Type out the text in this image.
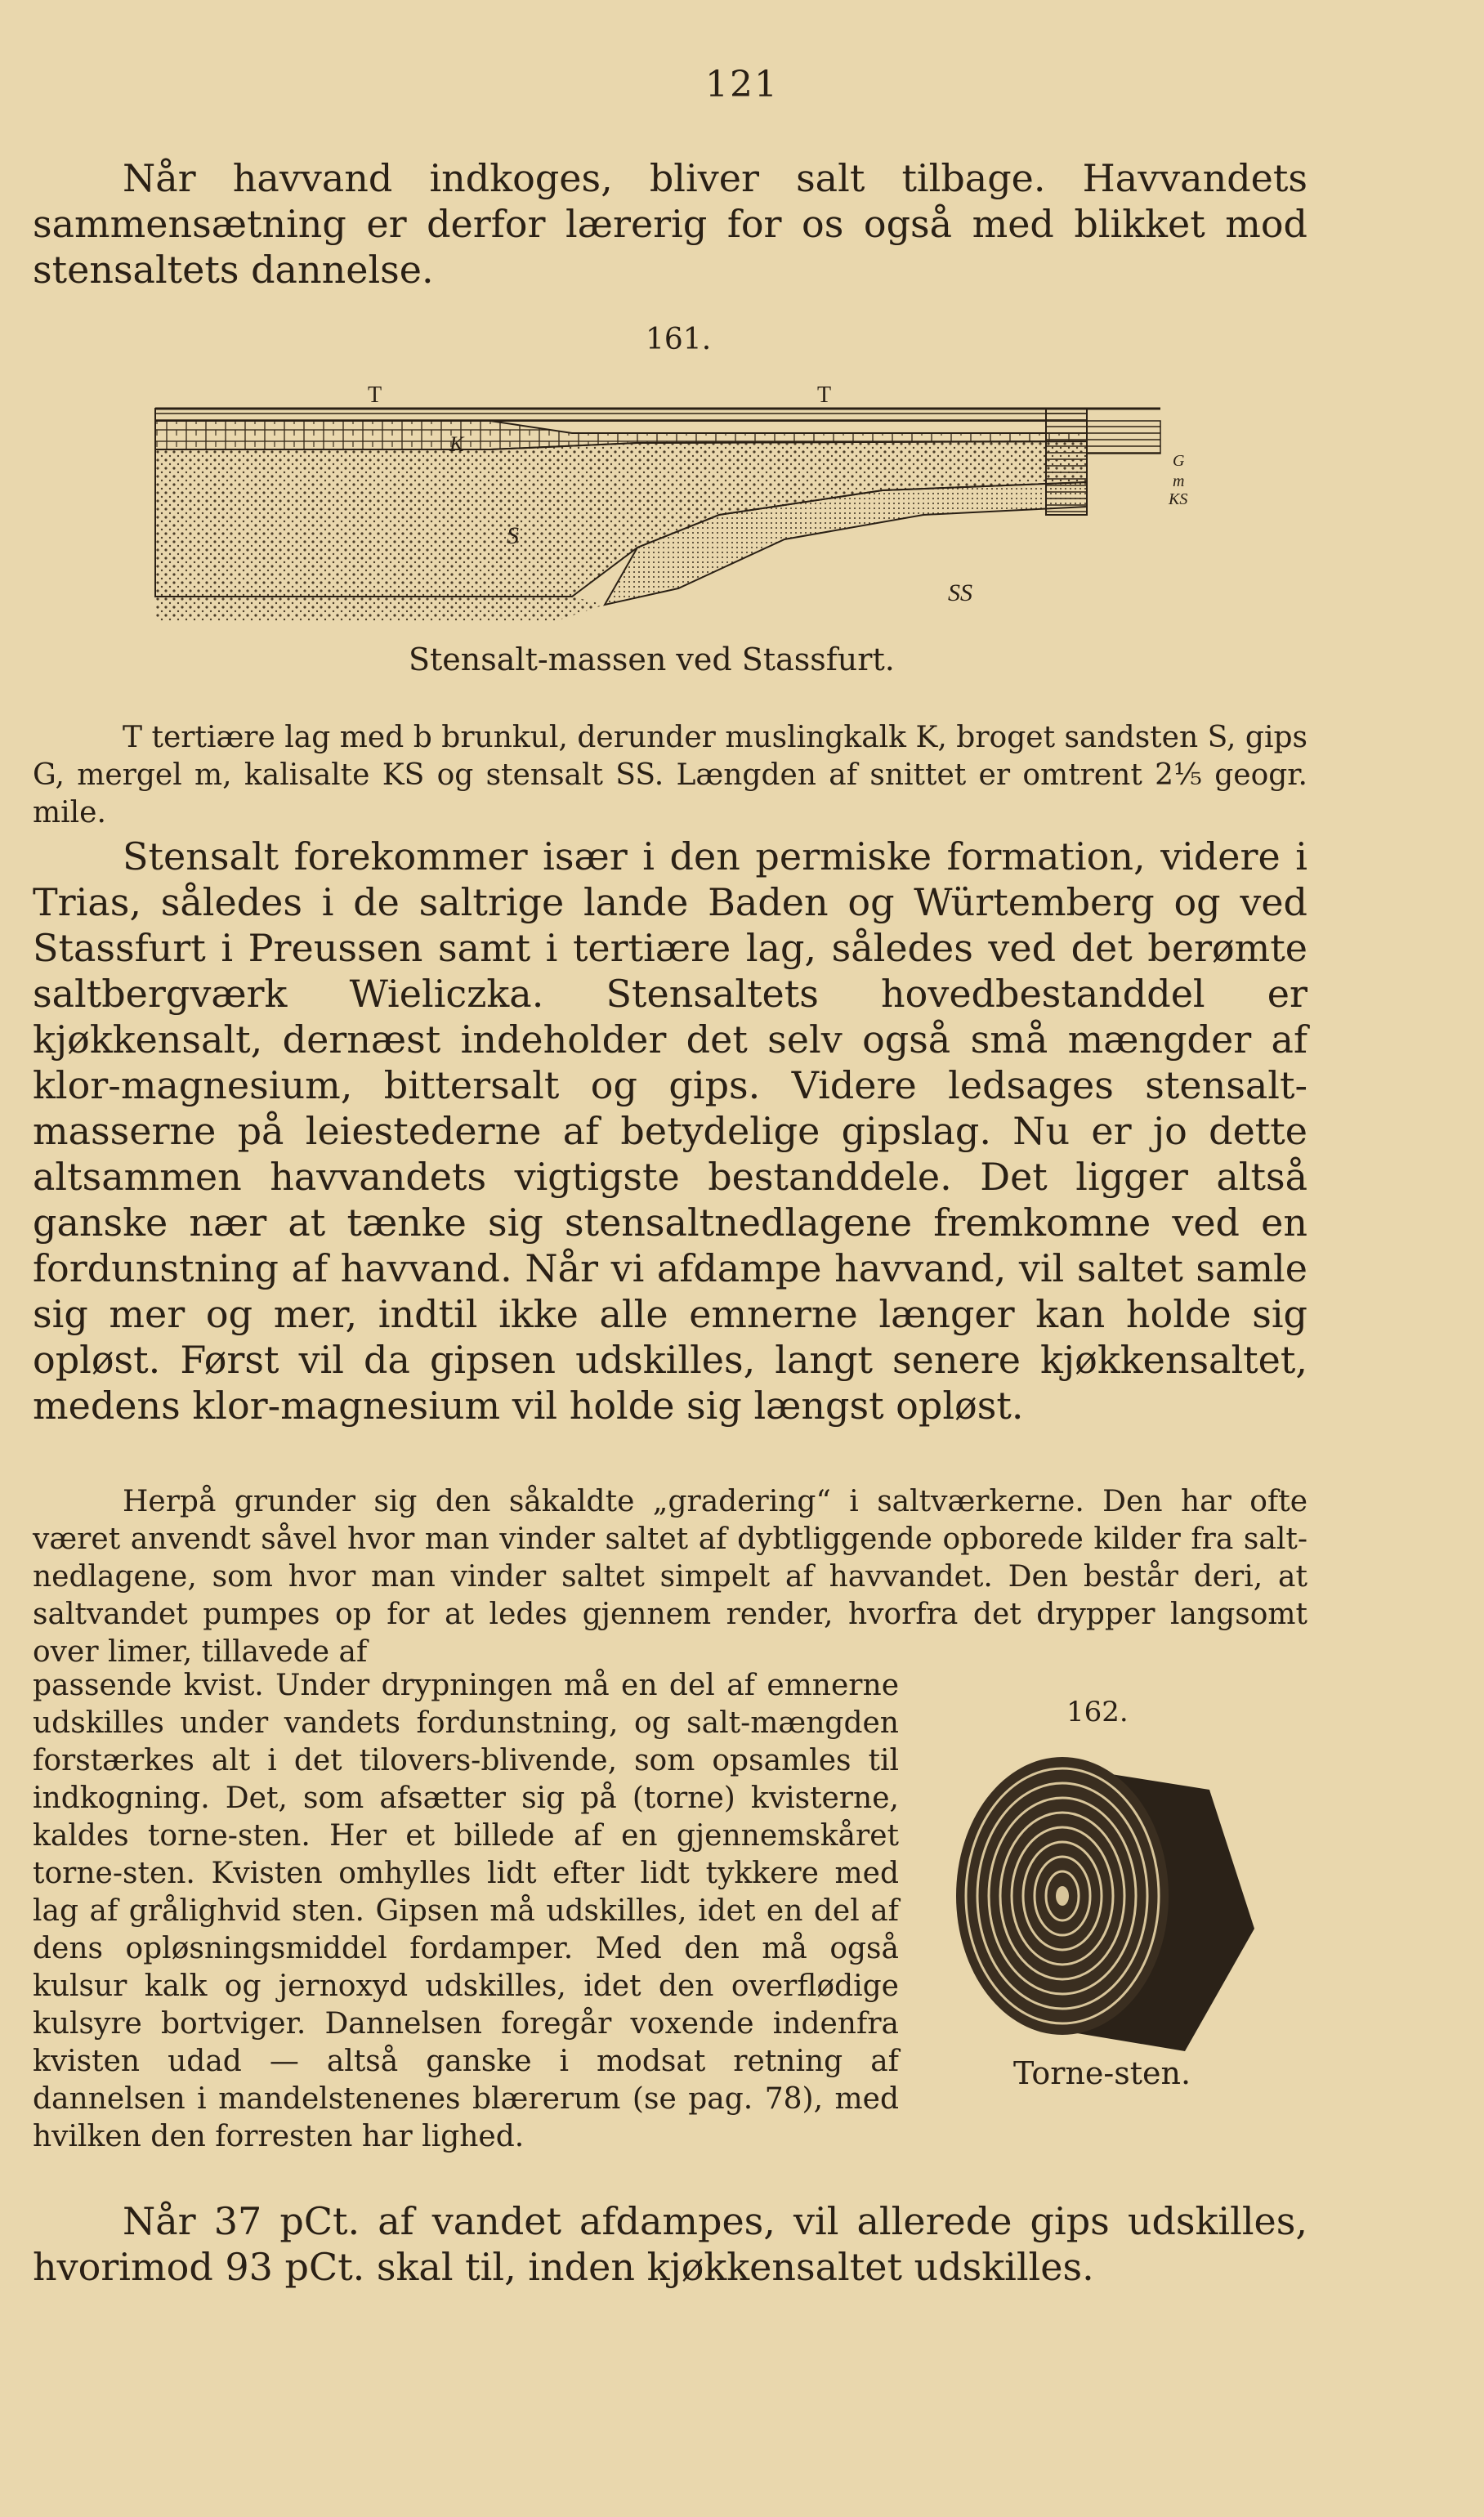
121

Når havvand indkoges, bliver salt tilbage. Havvandets sammensætning er derfor lærerig for os også med blikket mod stensaltets dannelse.

161.
T	T
K
S
SS
G
m
KS
Stensalt-massen ved Stassfurt.

T tertiære lag med b brunkul, derunder muslingkalk K, broget sandsten S, gips G, mergel m, kalisalte KS og stensalt SS. Længden af snittet er omtrent 2⅕ geogr. mile.

Stensalt forekommer især i den permiske formation, videre i Trias, således i de saltrige lande Baden og Würtemberg og ved Stassfurt i Preussen samt i tertiære lag, således ved det berømte saltbergværk Wieliczka. Stensaltets hovedbestanddel er kjøkkensalt, dernæst indeholder det selv også små mængder af klor-magnesium, bittersalt og gips. Videre ledsages stensalt-masserne på leiestederne af betydelige gipslag. Nu er jo dette altsammen havvandets vigtigste bestanddele. Det ligger altså ganske nær at tænke sig stensaltnedlagene fremkomne ved en fordunstning af havvand. Når vi afdampe havvand, vil saltet samle sig mer og mer, indtil ikke alle emnerne længer kan holde sig opløst. Først vil da gipsen udskilles, langt senere kjøkkensaltet, medens klor-magnesium vil holde sig længst opløst.

Herpå grunder sig den såkaldte „gradering“ i saltværkerne. Den har ofte været anvendt såvel hvor man vinder saltet af dybtliggende opborede kilder fra salt-nedlagene, som hvor man vinder saltet simpelt af havvandet. Den består deri, at saltvandet pumpes op for at ledes gjennem render, hvorfra det drypper langsomt over limer, tillavede af

passende kvist. Under drypningen må en del af emnerne udskilles under vandets fordunstning, og salt-mængden forstærkes alt i det tilovers-blivende, som opsamles til indkogning. Det, som afsætter sig på (torne) kvisterne, kaldes torne-sten. Her et billede af en gjennemskåret torne-sten. Kvisten omhylles lidt efter lidt tykkere med lag af grålighvid sten. Gipsen må udskilles, idet en del af dens opløsningsmiddel fordamper. Med den må også kulsur kalk og jernoxyd udskilles, idet den overflødige kulsyre bortviger. Dannelsen foregår voxende indenfra kvisten udad — altså ganske i modsat retning af dannelsen i mandelstenenes blærerum (se pag. 78), med hvilken den forresten har lighed.

162.
Torne-sten.

Når 37 pCt. af vandet afdampes, vil allerede gips udskilles, hvorimod 93 pCt. skal til, inden kjøkkensaltet udskilles.
